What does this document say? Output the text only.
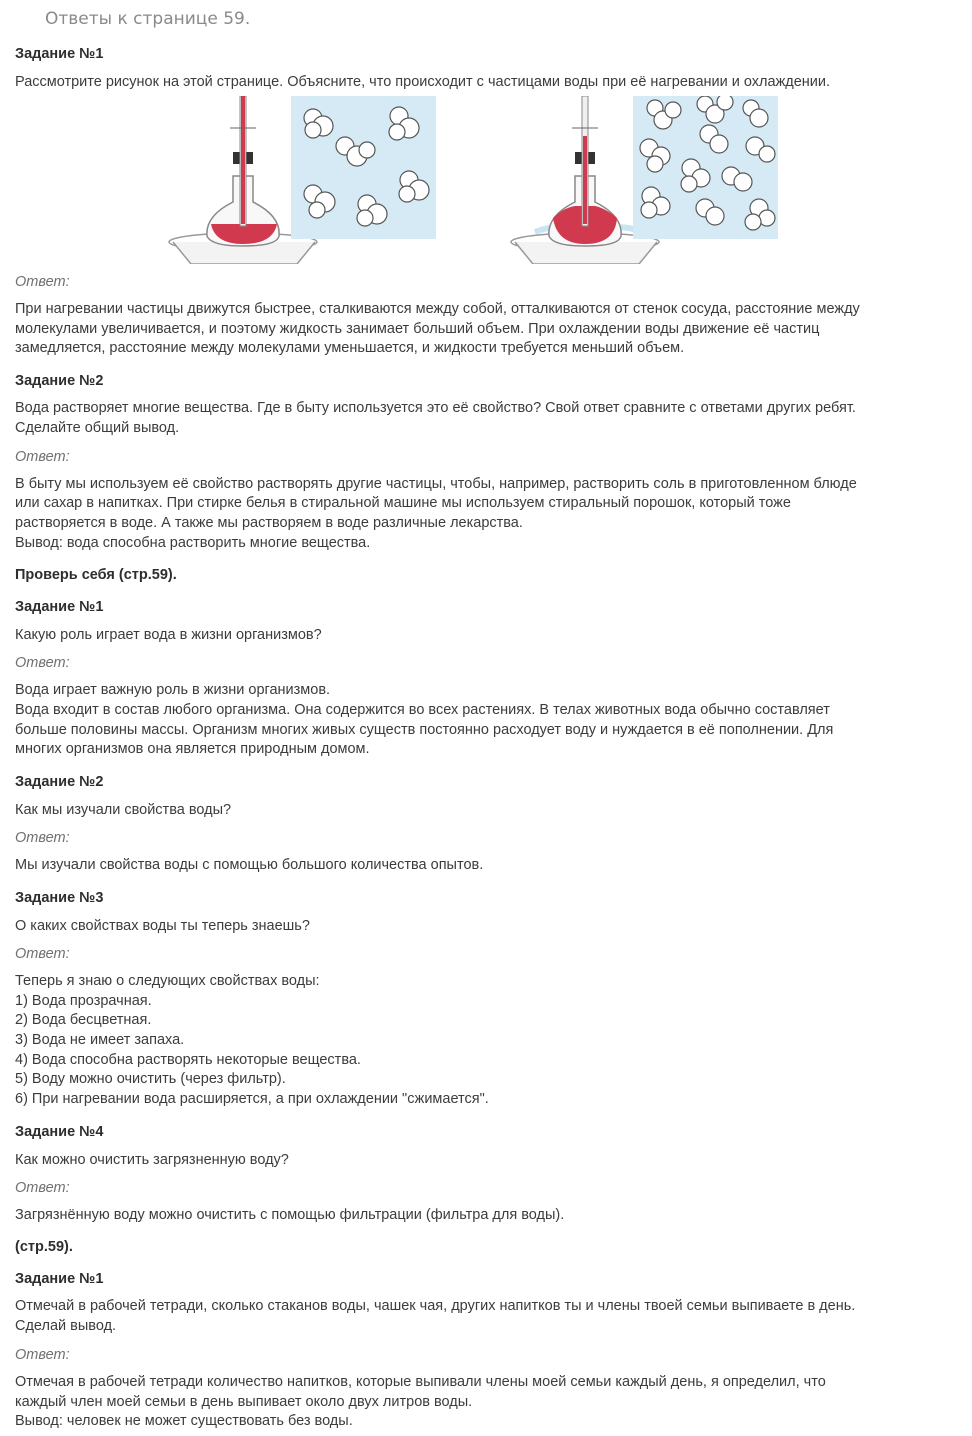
Ответы к странице 59.
Задание №1
Рассмотрите рисунок на этой странице. Объясните, что происходит с частицами воды при её нагревании и охлаждении.
Ответ:
При нагревании частицы движутся быстрее, сталкиваются между собой, отталкиваются от стенок сосуда, расстояние между
молекулами увеличивается, и поэтому жидкость занимает больший объем. При охлаждении воды движение её частиц
замедляется, расстояние между молекулами уменьшается, и жидкости требуется меньший объем.
Задание №2
Вода растворяет многие вещества. Где в быту используется это её свойство? Свой ответ сравните с ответами других ребят.
Сделайте общий вывод.
Ответ:
В быту мы используем её свойство растворять другие частицы, чтобы, например, растворить соль в приготовленном блюде
или сахар в напитках. При стирке белья в стиральной машине мы используем стиральный порошок, который тоже
растворяется в воде. А также мы растворяем в воде различные лекарства.
Вывод: вода способна растворить многие вещества.
Проверь себя (стр.59).
Задание №1
Какую роль играет вода в жизни организмов?
Ответ:
Вода играет важную роль в жизни организмов.
Вода входит в состав любого организма. Она содержится во всех растениях. В телах животных вода обычно составляет
больше половины массы. Организм многих живых существ постоянно расходует воду и нуждается в её пополнении. Для
многих организмов она является природным домом.
Задание №2
Как мы изучали свойства воды?
Ответ:
Мы изучали свойства воды с помощью большого количества опытов.
Задание №3
О каких свойствах воды ты теперь знаешь?
Ответ:
Теперь я знаю о следующих свойствах воды:
1) Вода прозрачная.
2) Вода бесцветная.
3) Вода не имеет запаха.
4) Вода способна растворять некоторые вещества.
5) Воду можно очистить (через фильтр).
6) При нагревании вода расширяется, а при охлаждении "сжимается".
Задание №4
Как можно очистить загрязненную воду?
Ответ:
Загрязнённую воду можно очистить с помощью фильтрации (фильтра для воды).
(стр.59).
Задание №1
Отмечай в рабочей тетради, сколько стаканов воды, чашек чая, других напитков ты и члены твоей семьи выпиваете в день.
Сделай вывод.
Ответ:
Отмечая в рабочей тетради количество напитков, которые выпивали члены моей семьи каждый день, я определил, что
каждый член моей семьи в день выпивает около двух литров воды.
Вывод: человек не может существовать без воды.
